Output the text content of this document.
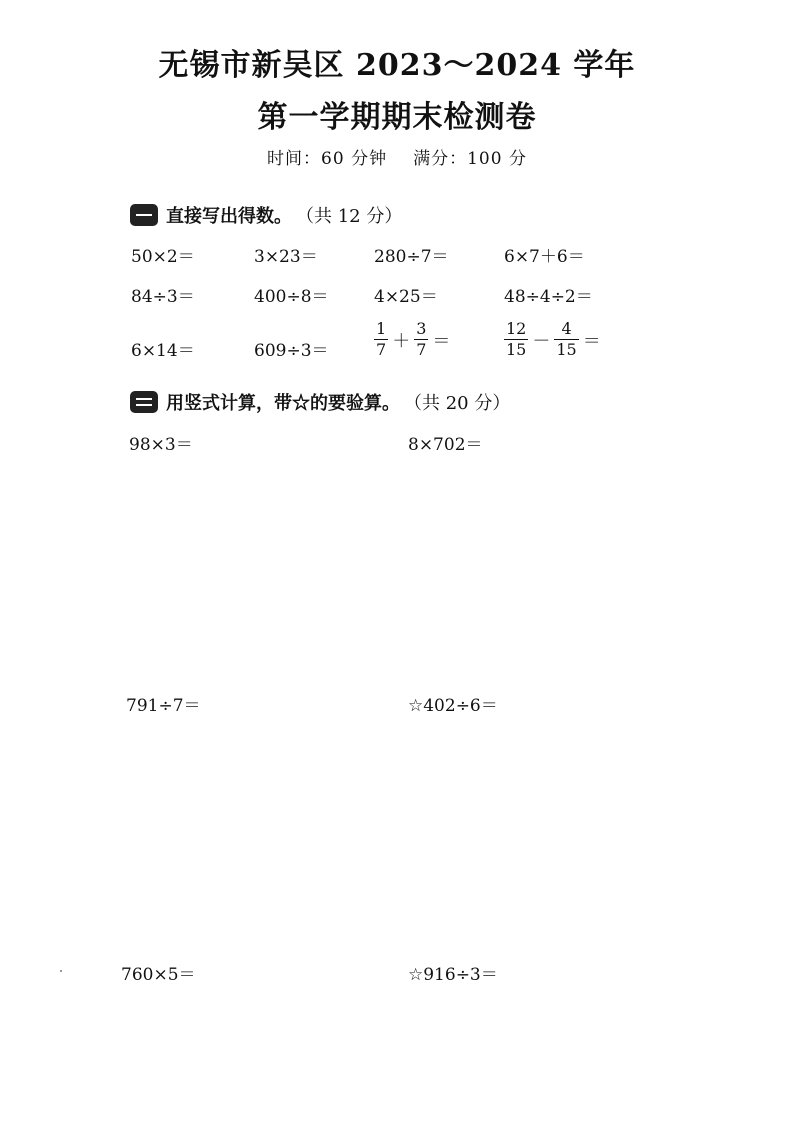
无锡市新吴区 2023～2024 学年
第一学期期末检测卷
时间：60 分钟 满分：100 分
直接写出得数。 （共 12 分）
50×2＝	3×23＝	280÷7＝	6×7＋6＝
84÷3＝	400÷8＝	4×25＝	48÷4÷2＝
6×14＝	609÷3＝	$\frac{1}{7} + \frac{3}{7}$ ＝	$\frac{12}{15} - \frac{4}{15}$ ＝
用竖式计算，带☆的要验算。 （共 20 分）
98×3＝	8×702＝
791÷7＝	☆402÷6＝
760×5＝	☆916÷3＝
